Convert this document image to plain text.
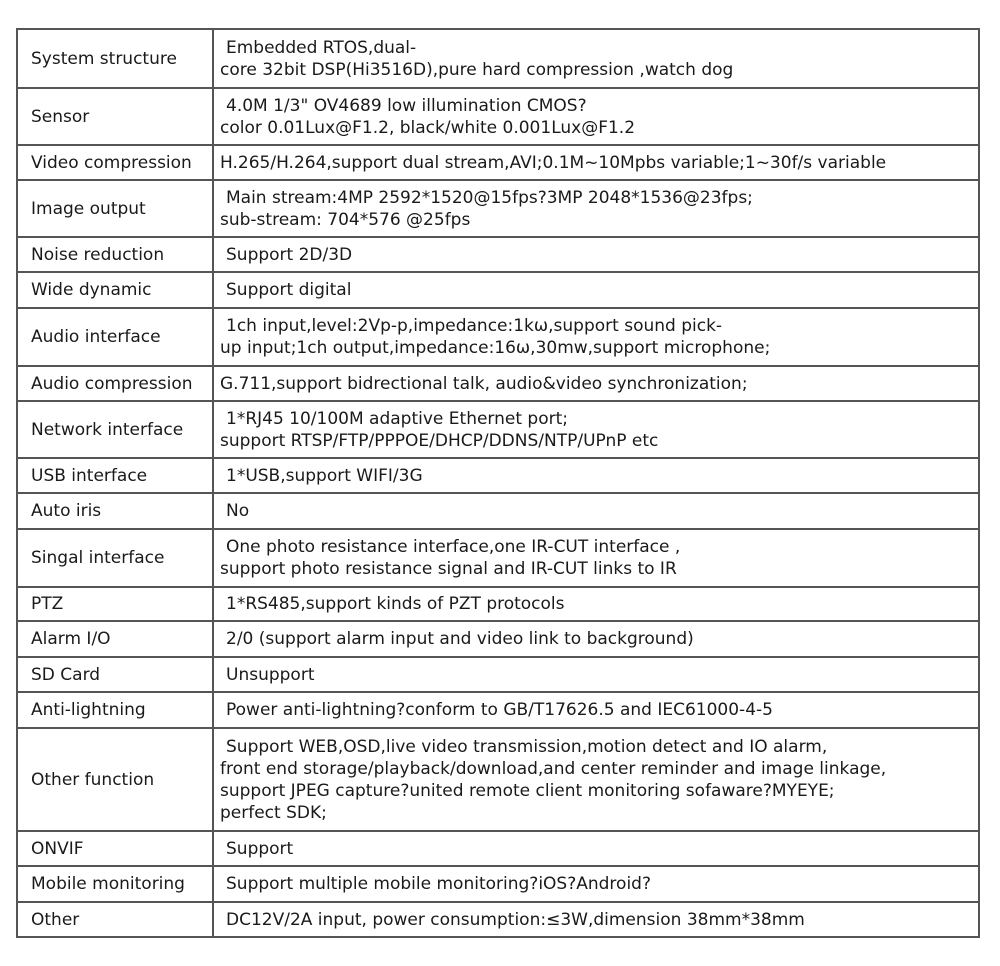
System structure	Embedded RTOS,dual-
core 32bit DSP(Hi3516D),pure hard compression ,watch dog

Sensor	4.0M 1/3" OV4689 low illumination CMOS?
color 0.01Lux@F1.2, black/white 0.001Lux@F1.2

Video compression	H.265/H.264,support dual stream,AVI;0.1M~10Mpbs variable;1~30f/s variable

Image output	Main stream:4MP 2592*1520@15fps?3MP 2048*1536@23fps;
sub-stream: 704*576 @25fps

Noise reduction	Support 2D/3D

Wide dynamic	Support digital

Audio interface	1ch input,level:2Vp-p,impedance:1kω,support sound pick-
up input;1ch output,impedance:16ω,30mw,support microphone;

Audio compression	G.711,support bidrectional talk, audio&video synchronization;

Network interface	1*RJ45 10/100M adaptive Ethernet port;
support RTSP/FTP/PPPOE/DHCP/DDNS/NTP/UPnP etc

USB interface	1*USB,support WIFI/3G

Auto iris	No

Singal interface	One photo resistance interface,one IR-CUT interface ,
support photo resistance signal and IR-CUT links to IR

PTZ	1*RS485,support kinds of PZT protocols

Alarm I/O	2/0 (support alarm input and video link to background)

SD Card	Unsupport

Anti-lightning	Power anti-lightning?conform to GB/T17626.5 and IEC61000-4-5

Other function	Support WEB,OSD,live video transmission,motion detect and IO alarm,
front end storage/playback/download,and center reminder and image linkage,
support JPEG capture?united remote client monitoring sofaware?MYEYE;
perfect SDK;

ONVIF	Support

Mobile monitoring	Support multiple mobile monitoring?iOS?Android?

Other	DC12V/2A input, power consumption:≤3W,dimension 38mm*38mm
